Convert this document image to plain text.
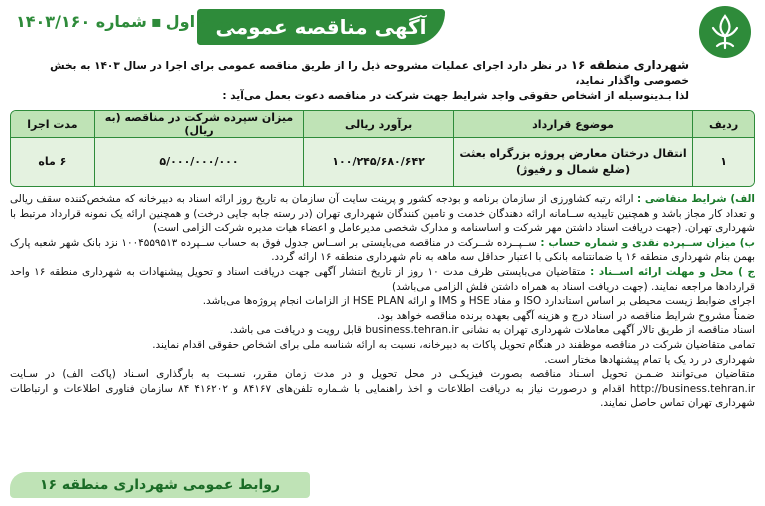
آگهی مناقصه عمومی
نوبت اول▪شماره ۱۴۰۳/۱۶۰
شهرداری منطقه ۱۶ در نظر دارد اجرای عملیات مشروحه ذیل را از طریق مناقصه عمومی برای اجرا در سال ۱۴۰۳ به بخش خصوصی واگذار نماید،
لذا بـدینوسیله از اشخاص حقوقی واجد شرایط جهت شرکت در مناقصه دعوت بعمل می‌آید :
ردیف	موضوع قرارداد	برآورد ریالی	میزان سپرده شرکت در مناقصه (به ریال)	مدت اجرا
۱	انتقال درختان معارض پروژه بزرگراه بعثت
(ضلع شمال و رفیوژ)	۱۰۰/۲۴۵/۶۸۰/۶۴۲	۵/۰۰۰/۰۰۰/۰۰۰	۶ ماه

الف) شرایط متقاضی : ارائه رتبه کشاورزی از سازمان برنامه و بودجه کشور و پرینت سایت آن سازمان به تاریخ روز ارائه اسناد به دبیرخانه که مشخص‌کننده سقف ریالی و تعداد کار مجاز باشد و همچنین تاییدیه ســامانه ارائه دهندگان خدمت و تامین کنندگان شهرداری تهران (در رسته جابه جایی درخت) و همچنین ارائه یک نمونه قرارداد مرتبط با شهرداری تهران. (جهت دریافت اسناد داشتن مهر شرکت و اساسنامه و مدارک شخصی مدیرعامل و اعضاء هیات مدیره شرکت الزامی است)

ب) میزان ســپرده نقدی و شماره حساب : ســپــرده شــرکت در مناقصه می‌بایستی بر اســاس جدول فوق به حساب ســپرده ۱۰۰۴۵۵۹۵۱۳ نزد بانک شهر شعبه پارک بهمن بنام شهرداری منطقه ۱۶ یا ضمانتنامه بانکی با اعتبار حداقل سه ماهه به نام شهرداری منطقه ۱۶ ارائه گردد.

ج ) محل و مهلت ارائه اســناد : متقاضیان می‌بایستی ظرف مدت ۱۰ روز از تاریخ انتشار آگهی جهت دریافت اسناد و تحویل پیشنهادات به شهرداری منطقه ۱۶ واحد قراردادها مراجعه نمایند. (جهت دریافت اسناد به همراه داشتن فلش الزامی می‌باشد)

اجرای ضوابط زیست محیطی بر اساس استاندارد ISO و مفاد HSE و IMS و ارائه HSE PLAN از الزامات انجام پروژه‌ها می‌باشد.

ضمناً مشروح شرایط مناقصه در اسناد درج و هزینه آگهی بعهده برنده مناقصه خواهد بود.

اسناد مناقصه از طریق تالار آگهی معاملات شهرداری تهران به نشانی business.tehran.ir قابل رویت و دریافت می باشد.

تمامی متقاضیان شرکت در مناقصه موظفند در هنگام تحویل پاکات به دبیرخانه، نسبت به ارائه شناسه ملی برای اشخاص حقوقی اقدام نمایند.

شهرداری در رد یک یا تمام پیشنهادها مختار است.

متقاضیان می‌توانند ضـمـن تحویل اسـناد مناقصه بصورت فیزیکـی در محل تحویل و در مدت زمان مقرر، نسـبت به بارگذاری اسـناد (پاکت الف) در سـایت http://business.tehran.ir اقدام و درصورت نیاز به دریافت اطلاعات و اخذ راهنمایی با شـماره تلفن‌های ۸۴۱۶۷ و ۴۱۶۲۰۲ ۸۴ سازمان فناوری اطلاعات و ارتباطات شهرداری تهران تماس حاصل نمایند.

روابط عمومی شهرداری منطقه ۱۶
